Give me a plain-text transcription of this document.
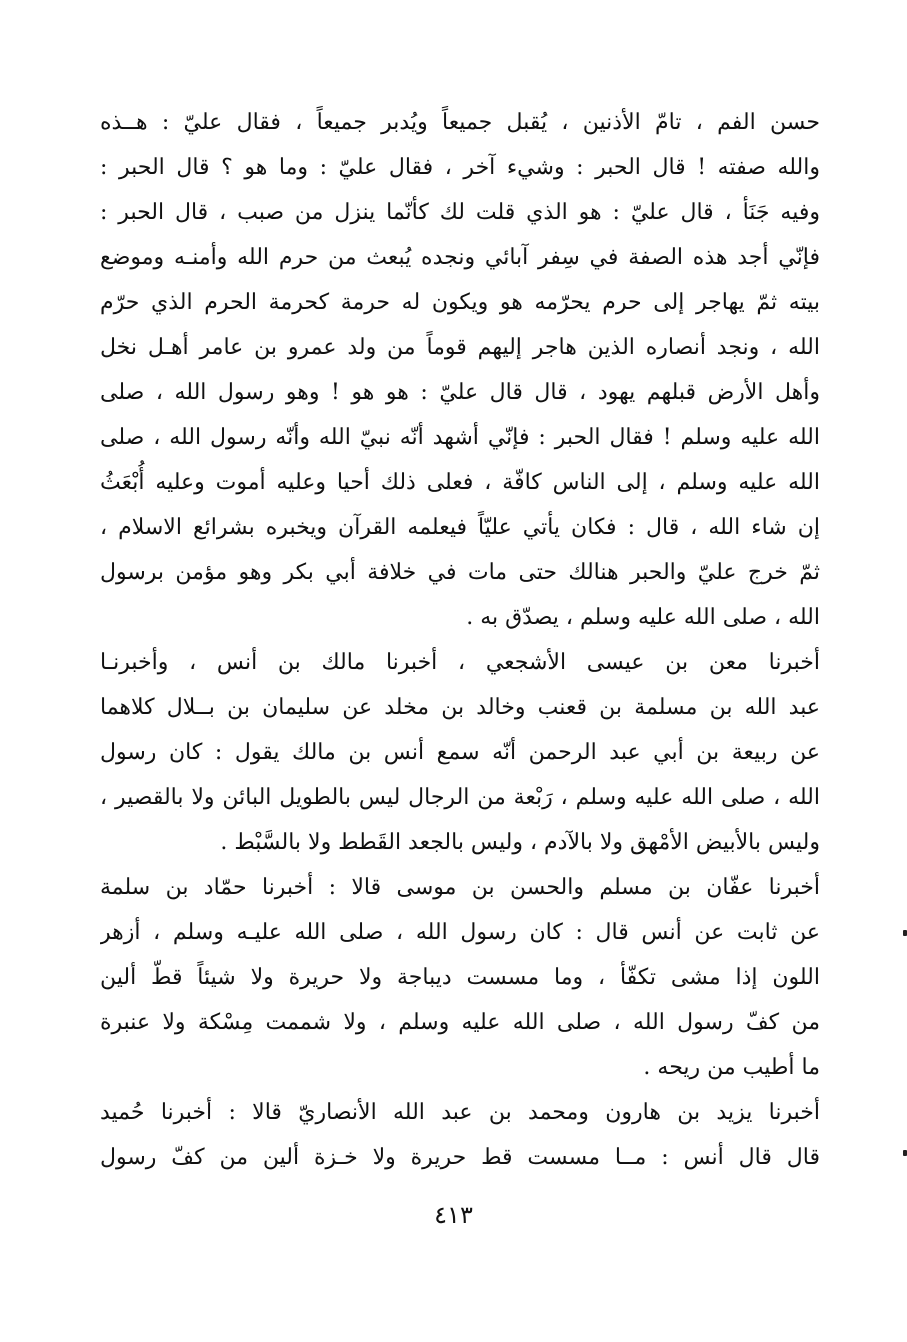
حسن الفم ، تامّ الأذنين ، يُقبل جميعاً ويُدبر جميعاً ، فقال عليّ : هــذه
والله صفته ! قال الحبر : وشيء آخر ، فقال عليّ : وما هو ؟ قال الحبر :
وفيه جَنَأ ، قال عليّ : هو الذي قلت لك كأنّما ينزل من صبب ، قال الحبر :
فإنّي أجد هذه الصفة في سِفر آبائي ونجده يُبعث من حرم الله وأمنـه وموضع
بيته ثمّ يهاجر إلى حرم يحرّمه هو ويكون له حرمة كحرمة الحرم الذي حرّم
الله ، ونجد أنصاره الذين هاجر إليهم قوماً من ولد عمرو بن عامر أهـل نخل
وأهل الأرض قبلهم يهود ، قال قال عليّ : هو هو ! وهو رسول الله ، صلى
الله عليه وسلم ! فقال الحبر : فإنّي أشهد أنّه نبيّ الله وأنّه رسول الله ، صلى
الله عليه وسلم ، إلى الناس كافّة ، فعلى ذلك أحيا وعليه أموت وعليه أُبْعَثُ
إن شاء الله ، قال : فكان يأتي عليّاً فيعلمه القرآن ويخبره بشرائع الاسلام ،
ثمّ خرج عليّ والحبر هنالك حتى مات في خلافة أبي بكر وهو مؤمن برسول
الله ، صلى الله عليه وسلم ، يصدّق به .
أخبرنا معن بن عيسى الأشجعي ، أخبرنا مالك بن أنس ، وأخبرنـا
عبد الله بن مسلمة بن قعنب وخالد بن مخلد عن سليمان بن بــلال كلاهما
عن ربيعة بن أبي عبد الرحمن أنّه سمع أنس بن مالك يقول : كان رسول
الله ، صلى الله عليه وسلم ، رَبْعة من الرجال ليس بالطويل البائن ولا بالقصير ،
وليس بالأبيض الأمْهق ولا بالآدم ، وليس بالجعد القَطط ولا بالسَّبْط .
أخبرنا عفّان بن مسلم والحسن بن موسى قالا : أخبرنا حمّاد بن سلمة
عن ثابت عن أنس قال : كان رسول الله ، صلى الله عليـه وسلم ، أزهر
اللون إذا مشى تكفّأ ، وما مسست ديباجة ولا حريرة ولا شيئاً قطّ ألين
من كفّ رسول الله ، صلى الله عليه وسلم ، ولا شممت مِسْكة ولا عنبرة
ما أطيب من ريحه .
أخبرنا يزيد بن هارون ومحمد بن عبد الله الأنصاريّ قالا : أخبرنا حُميد
قال قال أنس : مــا مسست قط حريرة ولا خـزة ألين من كفّ رسول
٤١٣
